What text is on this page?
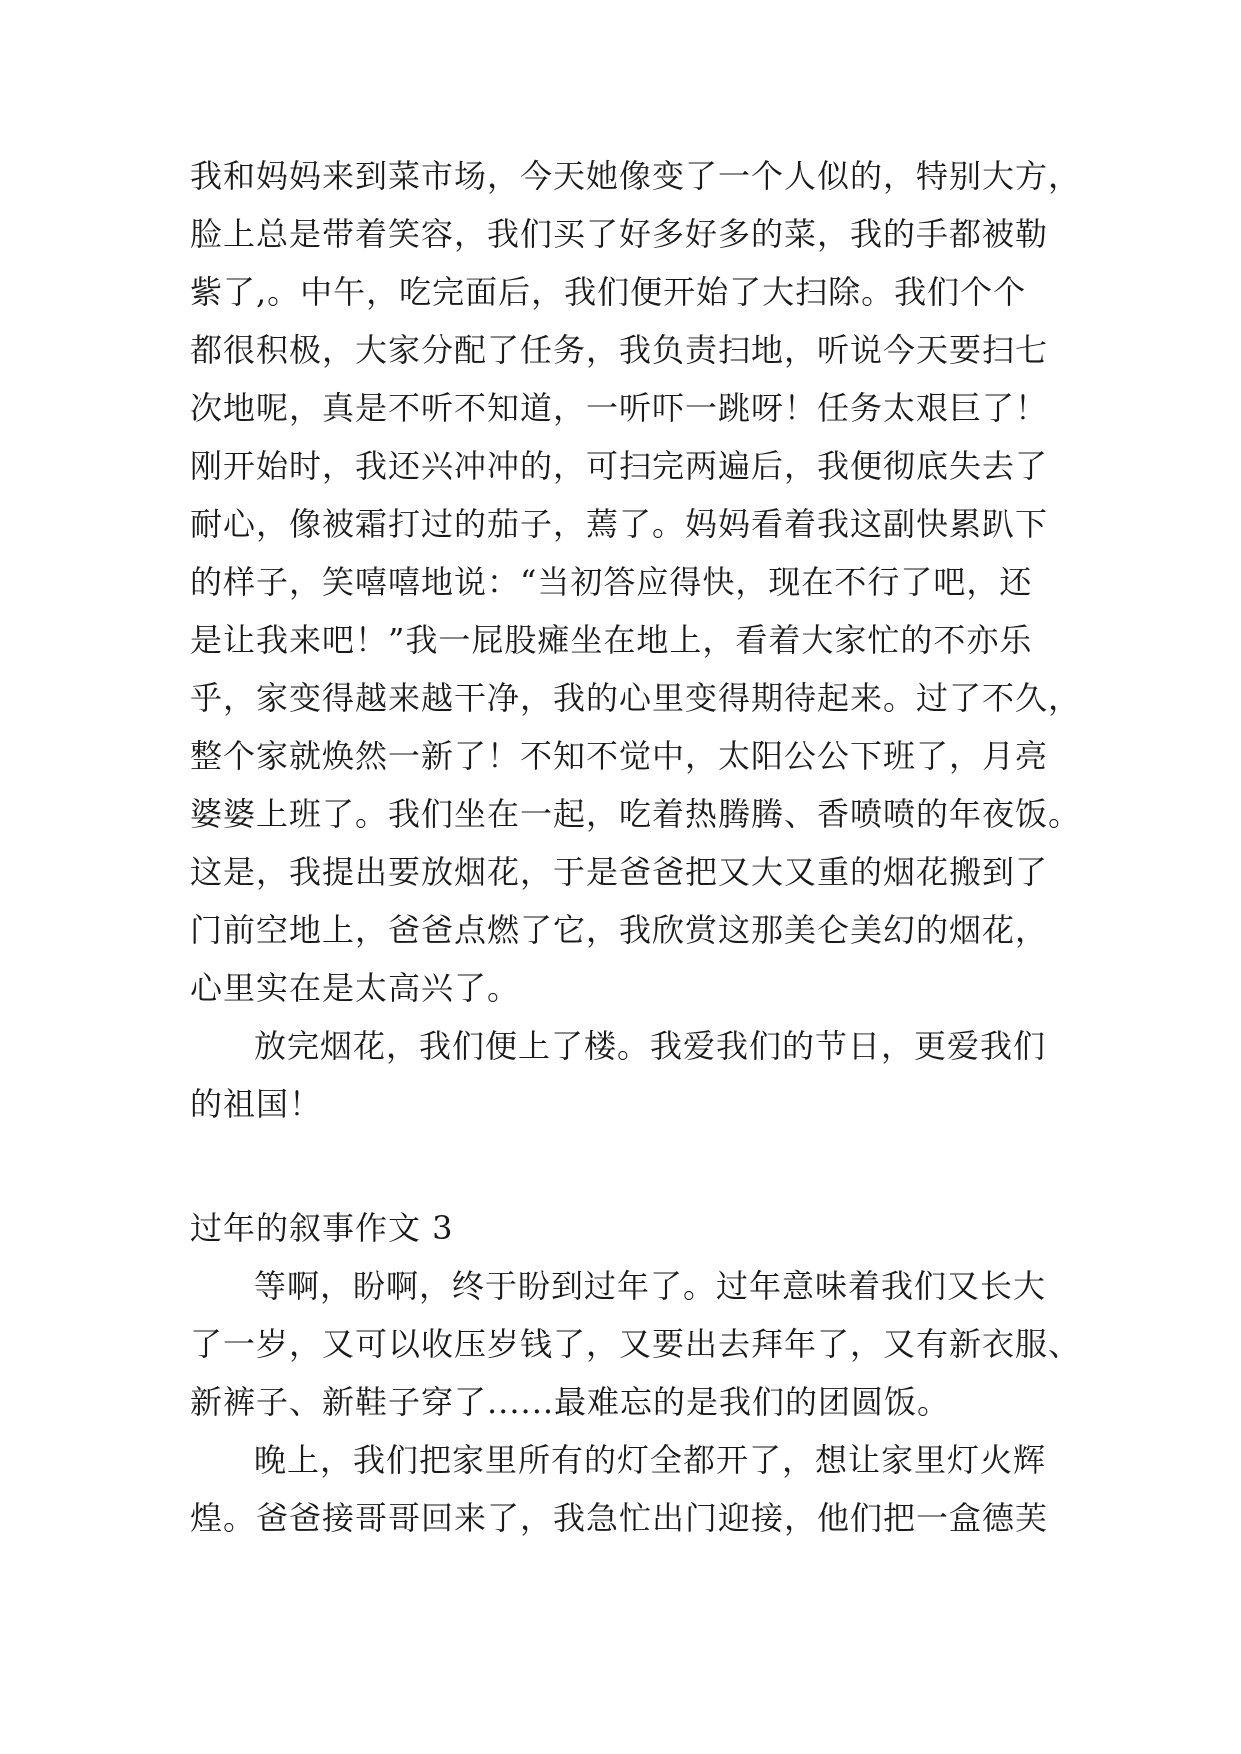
我和妈妈来到菜市场，今天她像变了一个人似的，特别大方，
脸上总是带着笑容，我们买了好多好多的菜，我的手都被勒
紫了,。中午，吃完面后，我们便开始了大扫除。我们个个
都很积极，大家分配了任务，我负责扫地，听说今天要扫七
次地呢，真是不听不知道，一听吓一跳呀！任务太艰巨了！
刚开始时，我还兴冲冲的，可扫完两遍后，我便彻底失去了
耐心，像被霜打过的茄子，蔫了。妈妈看着我这副快累趴下
的样子，笑嘻嘻地说：“当初答应得快，现在不行了吧，还
是让我来吧！”我一屁股瘫坐在地上，看着大家忙的不亦乐
乎，家变得越来越干净，我的心里变得期待起来。过了不久，
整个家就焕然一新了！不知不觉中，太阳公公下班了，月亮
婆婆上班了。我们坐在一起，吃着热腾腾、香喷喷的年夜饭。
这是，我提出要放烟花，于是爸爸把又大又重的烟花搬到了
门前空地上，爸爸点燃了它，我欣赏这那美仑美幻的烟花，
心里实在是太高兴了。
放完烟花，我们便上了楼。我爱我们的节日，更爱我们
的祖国！
过年的叙事作文 3
等啊，盼啊，终于盼到过年了。过年意味着我们又长大
了一岁，又可以收压岁钱了，又要出去拜年了，又有新衣服、
新裤子、新鞋子穿了......最难忘的是我们的团圆饭。
晚上，我们把家里所有的灯全都开了，想让家里灯火辉
煌。爸爸接哥哥回来了，我急忙出门迎接，他们把一盒德芙
